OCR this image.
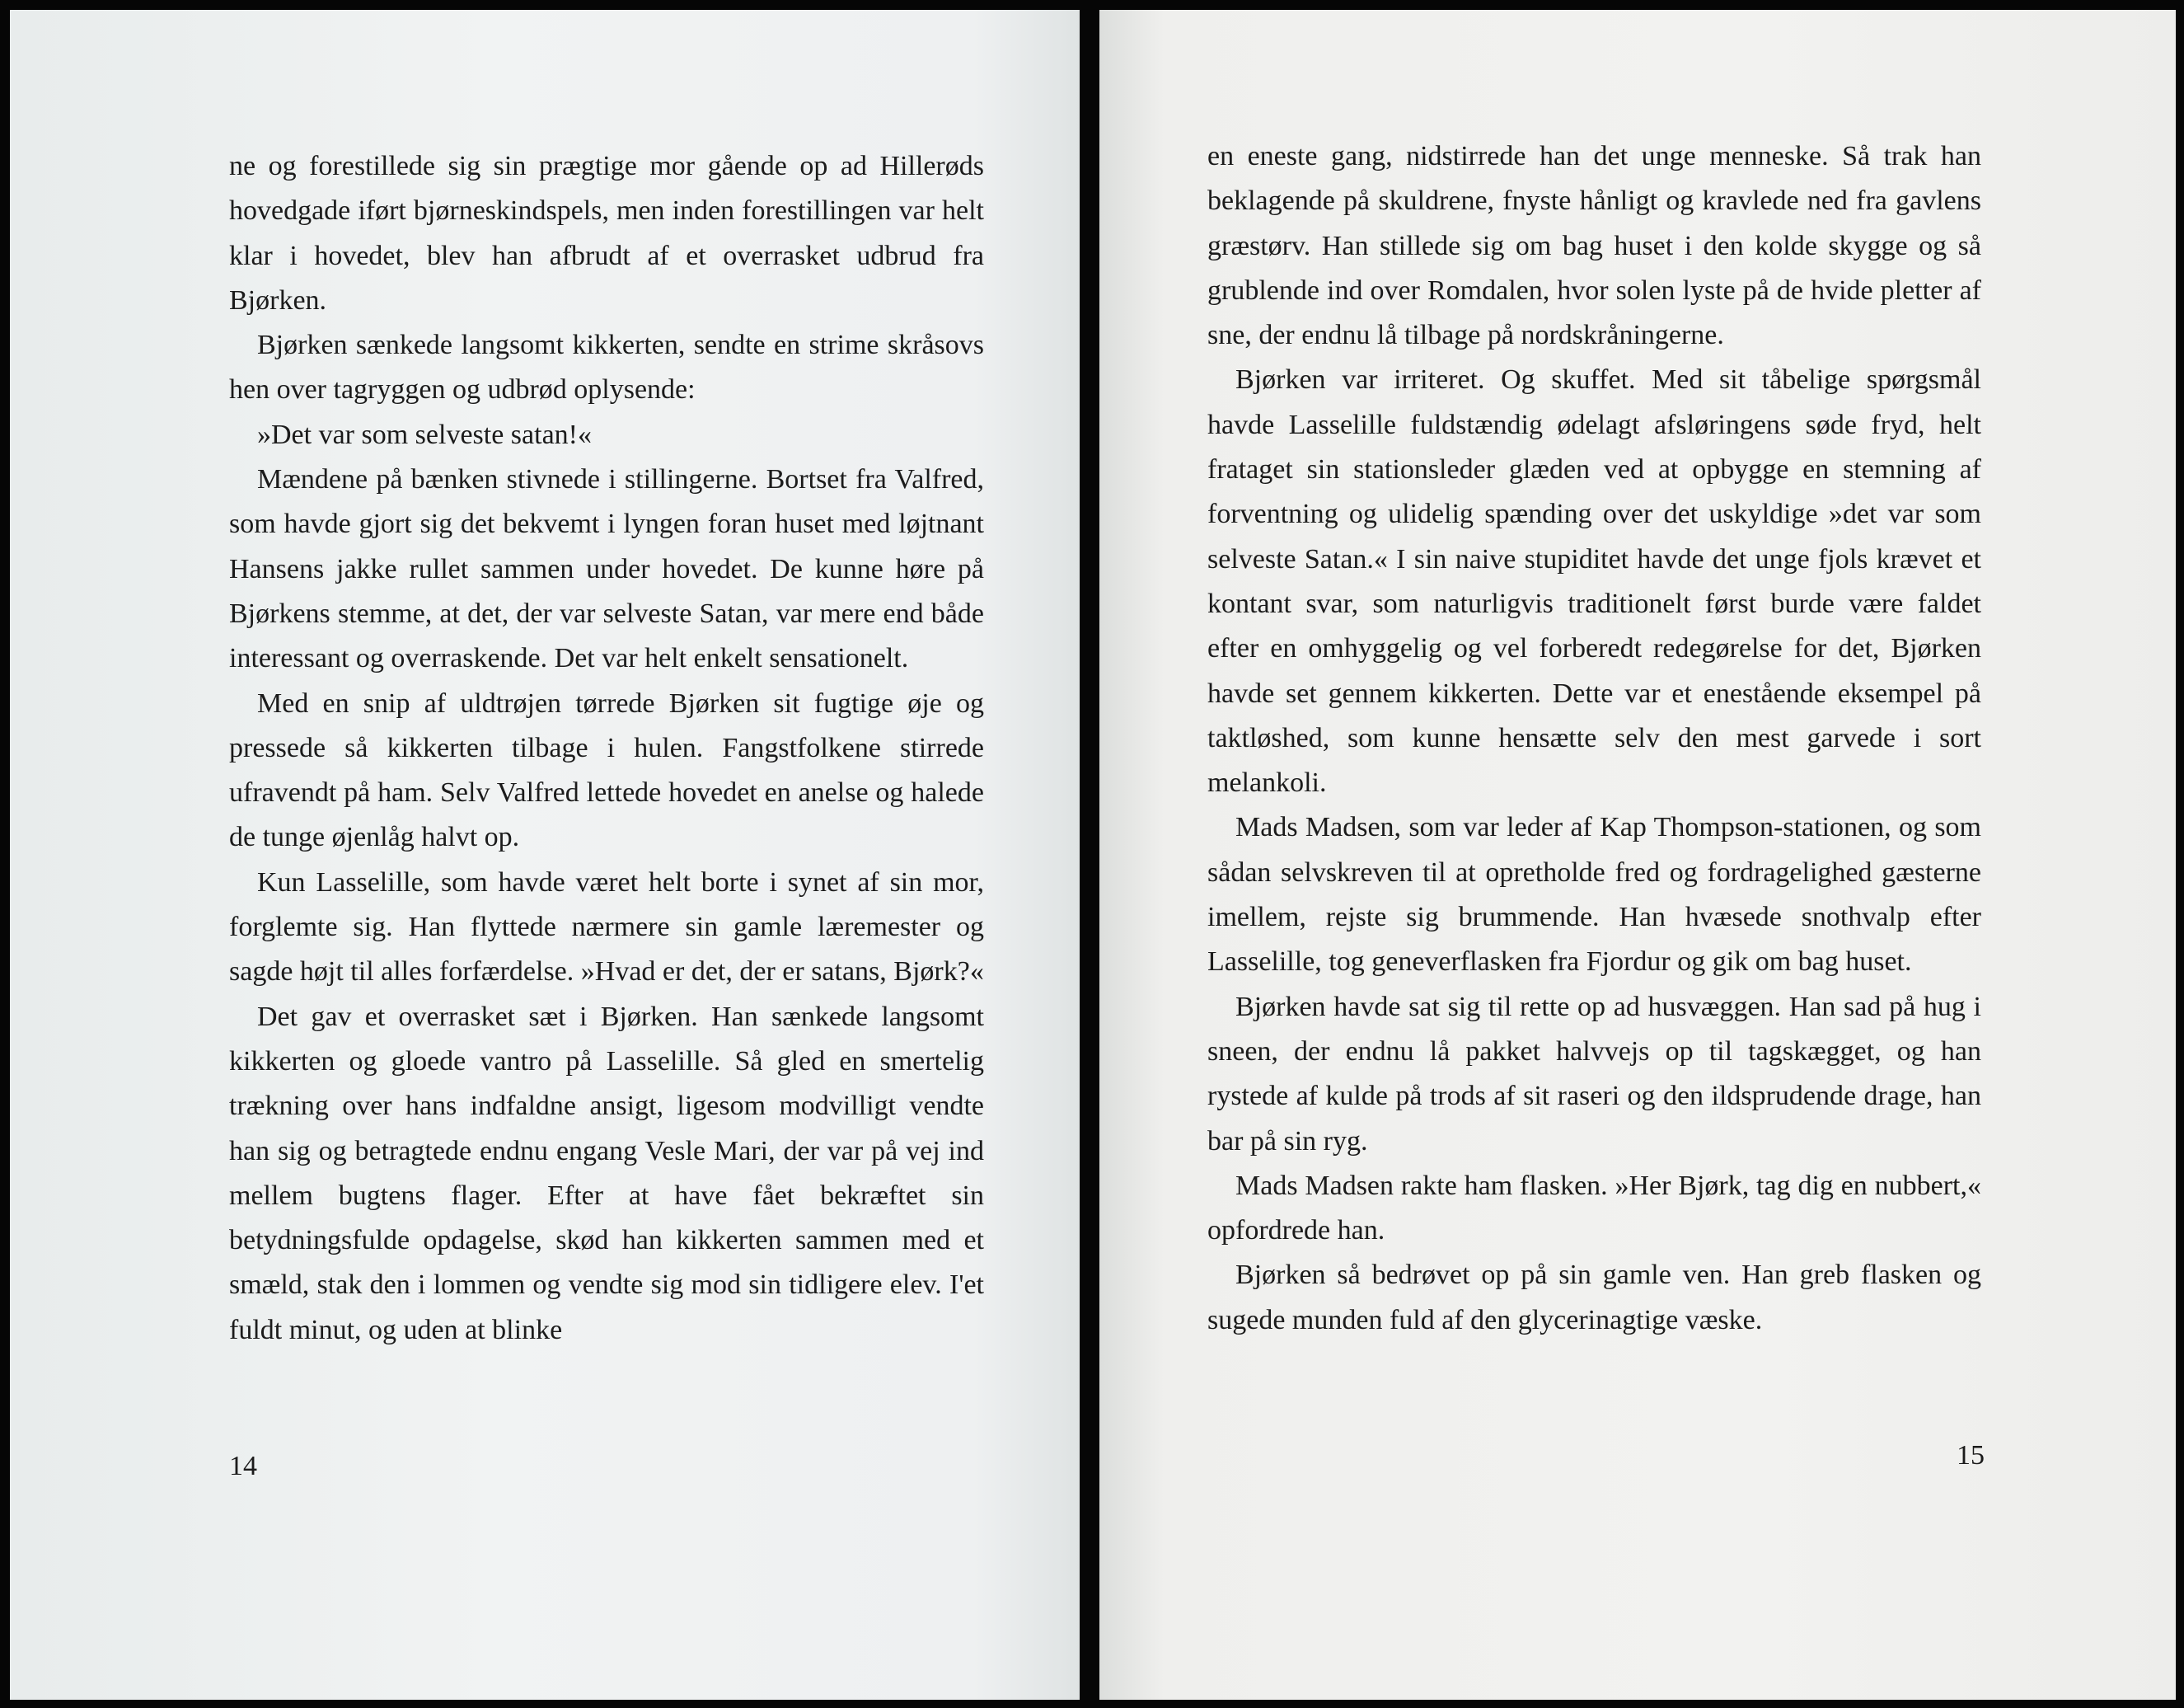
ne og forestillede sig sin prægtige mor gående op ad Hillerøds hovedgade iført bjørneskindspels, men inden forestillingen var helt klar i hovedet, blev han afbrudt af et overrasket udbrud fra Bjørken.

Bjørken sænkede langsomt kikkerten, sendte en strime skråsovs hen over tagryggen og udbrød oplysende:

»Det var som selveste satan!«

Mændene på bænken stivnede i stillingerne. Bortset fra Valfred, som havde gjort sig det bekvemt i lyngen foran huset med løjtnant Hansens jakke rullet sammen under hovedet. De kunne høre på Bjørkens stemme, at det, der var selveste Satan, var mere end både interessant og overraskende. Det var helt enkelt sensationelt.

Med en snip af uldtrøjen tørrede Bjørken sit fugtige øje og pressede så kikkerten tilbage i hulen. Fangstfolkene stirrede ufravendt på ham. Selv Valfred lettede hovedet en anelse og halede de tunge øjenlåg halvt op.

Kun Lasselille, som havde været helt borte i synet af sin mor, forglemte sig. Han flyttede nærmere sin gamle læremester og sagde højt til alles forfærdelse. »Hvad er det, der er satans, Bjørk?«

Det gav et overrasket sæt i Bjørken. Han sænkede langsomt kikkerten og gloede vantro på Lasselille. Så gled en smertelig trækning over hans indfaldne ansigt, ligesom modvilligt vendte han sig og betragtede endnu engang Vesle Mari, der var på vej ind mellem bugtens flager. Efter at have fået bekræftet sin betydningsfulde opdagelse, skød han kikkerten sammen med et smæld, stak den i lommen og vendte sig mod sin tidligere elev. I'et fuldt minut, og uden at blinke

14

en eneste gang, nidstirrede han det unge menneske. Så trak han beklagende på skuldrene, fnyste hånligt og kravlede ned fra gavlens græstørv. Han stillede sig om bag huset i den kolde skygge og så grublende ind over Romdalen, hvor solen lyste på de hvide pletter af sne, der endnu lå tilbage på nordskråningerne.

Bjørken var irriteret. Og skuffet. Med sit tåbelige spørgsmål havde Lasselille fuldstændig ødelagt afsløringens søde fryd, helt frataget sin stationsleder glæden ved at opbygge en stemning af forventning og ulidelig spænding over det uskyldige »det var som selveste Satan.« I sin naive stupiditet havde det unge fjols krævet et kontant svar, som naturligvis traditionelt først burde være faldet efter en omhyggelig og vel forberedt redegørelse for det, Bjørken havde set gennem kikkerten. Dette var et enestående eksempel på taktløshed, som kunne hensætte selv den mest garvede i sort melankoli.

Mads Madsen, som var leder af Kap Thompson-stationen, og som sådan selvskreven til at opretholde fred og fordragelighed gæsterne imellem, rejste sig brummende. Han hvæsede snothvalp efter Lasselille, tog geneverflasken fra Fjordur og gik om bag huset.

Bjørken havde sat sig til rette op ad husvæggen. Han sad på hug i sneen, der endnu lå pakket halvvejs op til tagskægget, og han rystede af kulde på trods af sit raseri og den ildsprudende drage, han bar på sin ryg.

Mads Madsen rakte ham flasken. »Her Bjørk, tag dig en nubbert,« opfordrede han.

Bjørken så bedrøvet op på sin gamle ven. Han greb flasken og sugede munden fuld af den glycerinagtige væske.

15
